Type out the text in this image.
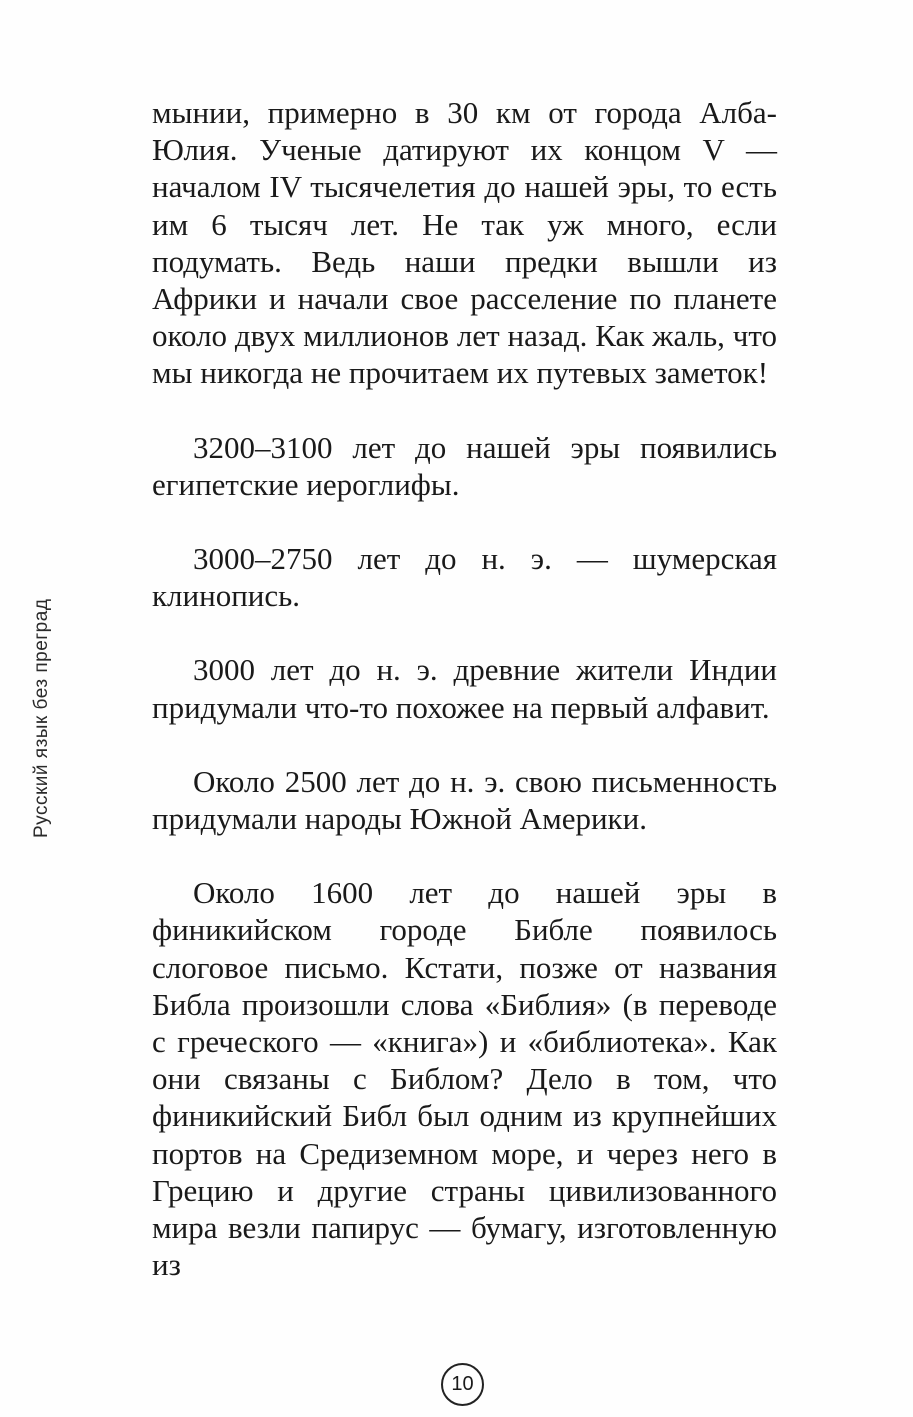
Русский язык без преград

мынии, примерно в 30 км от города Алба-Юлия. Ученые датируют их концом V — началом IV тысячелетия до нашей эры, то есть им 6 тысяч лет. Не так уж много, если подумать. Ведь наши предки вышли из Африки и начали свое расселение по планете около двух миллионов лет назад. Как жаль, что мы никогда не прочитаем их путевых заметок!

3200–3100 лет до нашей эры появились египетские иероглифы.

3000–2750 лет до н. э. — шумерская клинопись.

3000 лет до н. э. древние жители Индии придумали что-то похожее на первый алфавит.

Около 2500 лет до н. э. свою письменность придумали народы Южной Америки.

Около 1600 лет до нашей эры в финикийском городе Библе появилось слоговое письмо. Кстати, позже от названия Библа произошли слова «Библия» (в переводе с греческого — «книга») и «библиотека». Как они связаны с Библом? Дело в том, что финикийский Библ был одним из крупнейших портов на Средиземном море, и через него в Грецию и другие страны цивилизованного мира везли папирус — бумагу, изготовленную из

10
